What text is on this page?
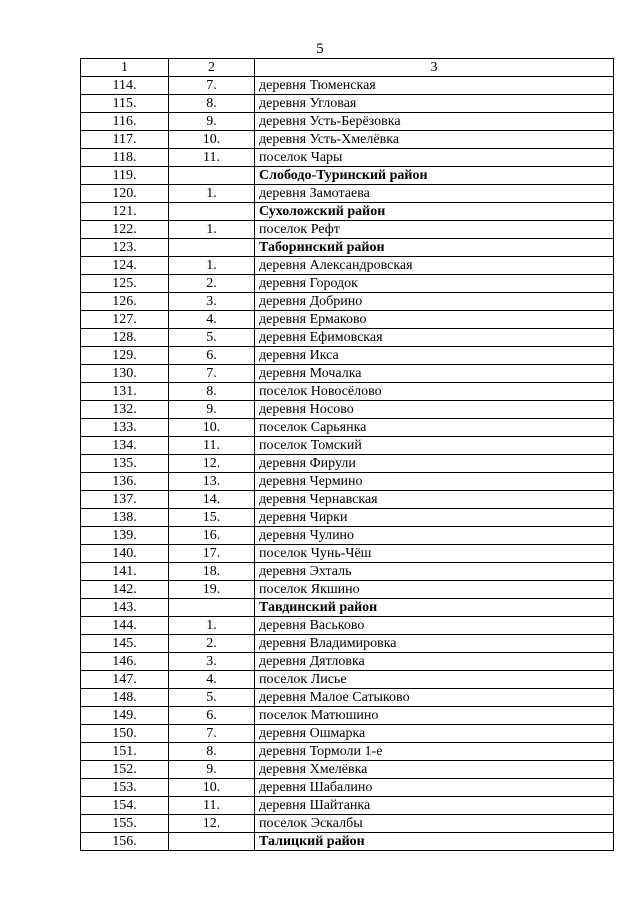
5
1	2	3
114.	7.	деревня Тюменская
115.	8.	деревня Угловая
116.	9.	деревня Усть-Берёзовка
117.	10.	деревня Усть-Хмелёвка
118.	11.	поселок Чары
119.		Слободо-Туринский район
120.	1.	деревня Замотаева
121.		Сухоложский район
122.	1.	поселок Рефт
123.		Таборинский район
124.	1.	деревня Александровская
125.	2.	деревня Городок
126.	3.	деревня Добрино
127.	4.	деревня Ермаково
128.	5.	деревня Ефимовская
129.	6.	деревня Икса
130.	7.	деревня Мочалка
131.	8.	поселок Новосёлово
132.	9.	деревня Носово
133.	10.	поселок Сарьянка
134.	11.	поселок Томский
135.	12.	деревня Фирули
136.	13.	деревня Чермино
137.	14.	деревня Чернавская
138.	15.	деревня Чирки
139.	16.	деревня Чулино
140.	17.	поселок Чунь-Чёш
141.	18.	деревня Эхталь
142.	19.	поселок Якшино
143.		Тавдинский район
144.	1.	деревня Васьково
145.	2.	деревня Владимировка
146.	3.	деревня Дятловка
147.	4.	поселок Лисье
148.	5.	деревня Малое Сатыково
149.	6.	поселок Матюшино
150.	7.	деревня Ошмарка
151.	8.	деревня Тормоли 1-е
152.	9.	деревня Хмелёвка
153.	10.	деревня Шабалино
154.	11.	деревня Шайтанка
155.	12.	поселок Эскалбы
156.		Талицкий район
